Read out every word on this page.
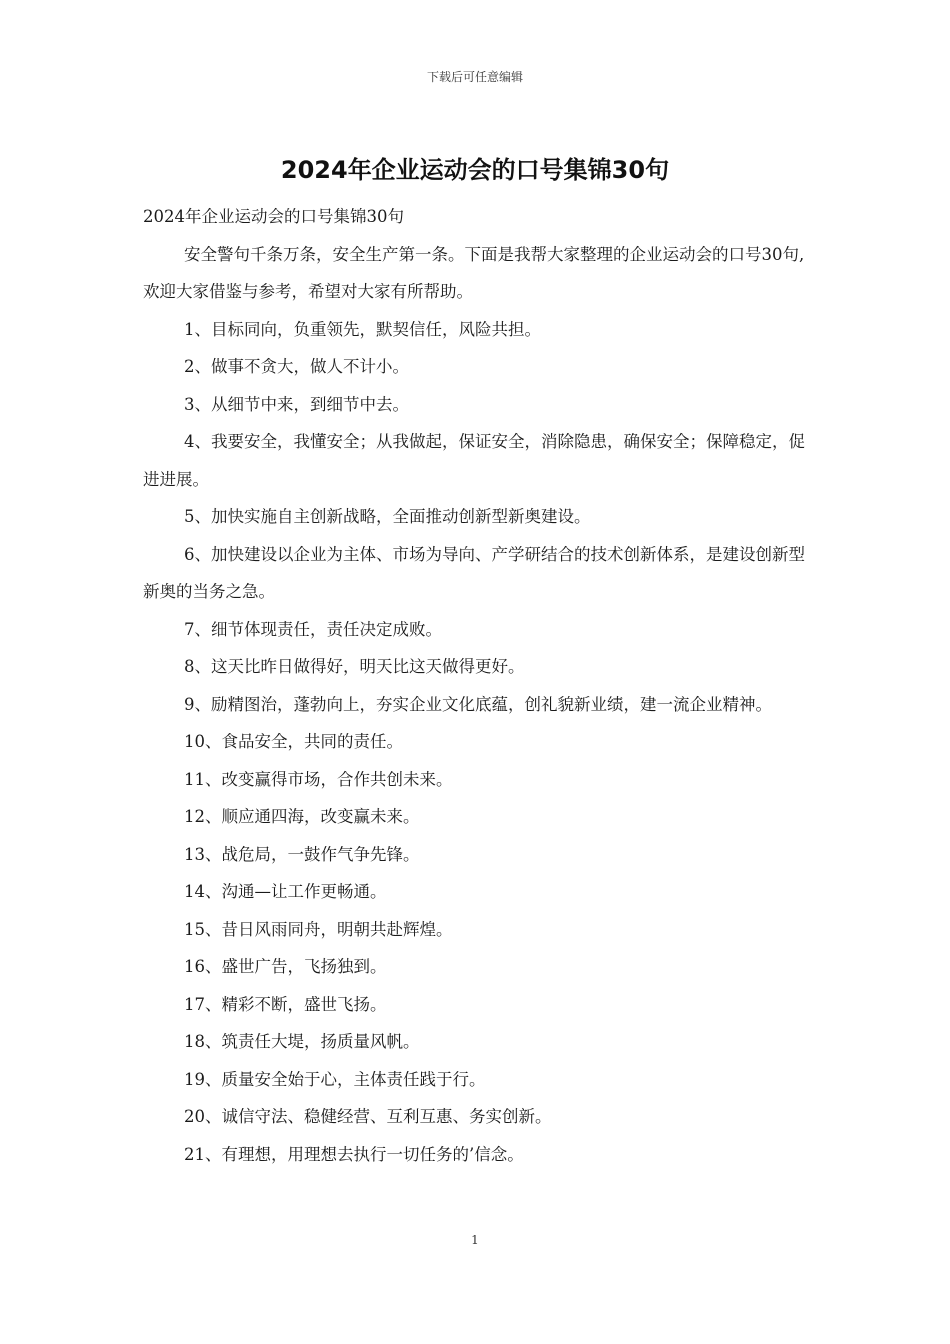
下载后可任意编辑
2024年企业运动会的口号集锦30句

2024年企业运动会的口号集锦30句

安全警句千条万条，安全生产第一条。下面是我帮大家整理的企业运动会的口号30句,欢迎大家借鉴与参考，希望对大家有所帮助。

1、目标同向，负重领先，默契信任，风险共担。

2、做事不贪大，做人不计小。

3、从细节中来，到细节中去。

4、我要安全，我懂安全；从我做起，保证安全，消除隐患，确保安全；保障稳定，促进进展。

5、加快实施自主创新战略，全面推动创新型新奥建设。

6、加快建设以企业为主体、市场为导向、产学研结合的技术创新体系，是建设创新型新奥的当务之急。

7、细节体现责任，责任决定成败。

8、这天比昨日做得好，明天比这天做得更好。

9、励精图治，蓬勃向上，夯实企业文化底蕴，创礼貌新业绩，建一流企业精神。

10、食品安全，共同的责任。

11、改变赢得市场，合作共创未来。

12、顺应通四海，改变赢未来。

13、战危局，一鼓作气争先锋。

14、沟通—让工作更畅通。

15、昔日风雨同舟，明朝共赴辉煌。

16、盛世广告，飞扬独到。

17、精彩不断，盛世飞扬。

18、筑责任大堤，扬质量风帆。

19、质量安全始于心，主体责任践于行。

20、诚信守法、稳健经营、互利互惠、务实创新。

21、有理想，用理想去执行一切任务的’信念。

1
